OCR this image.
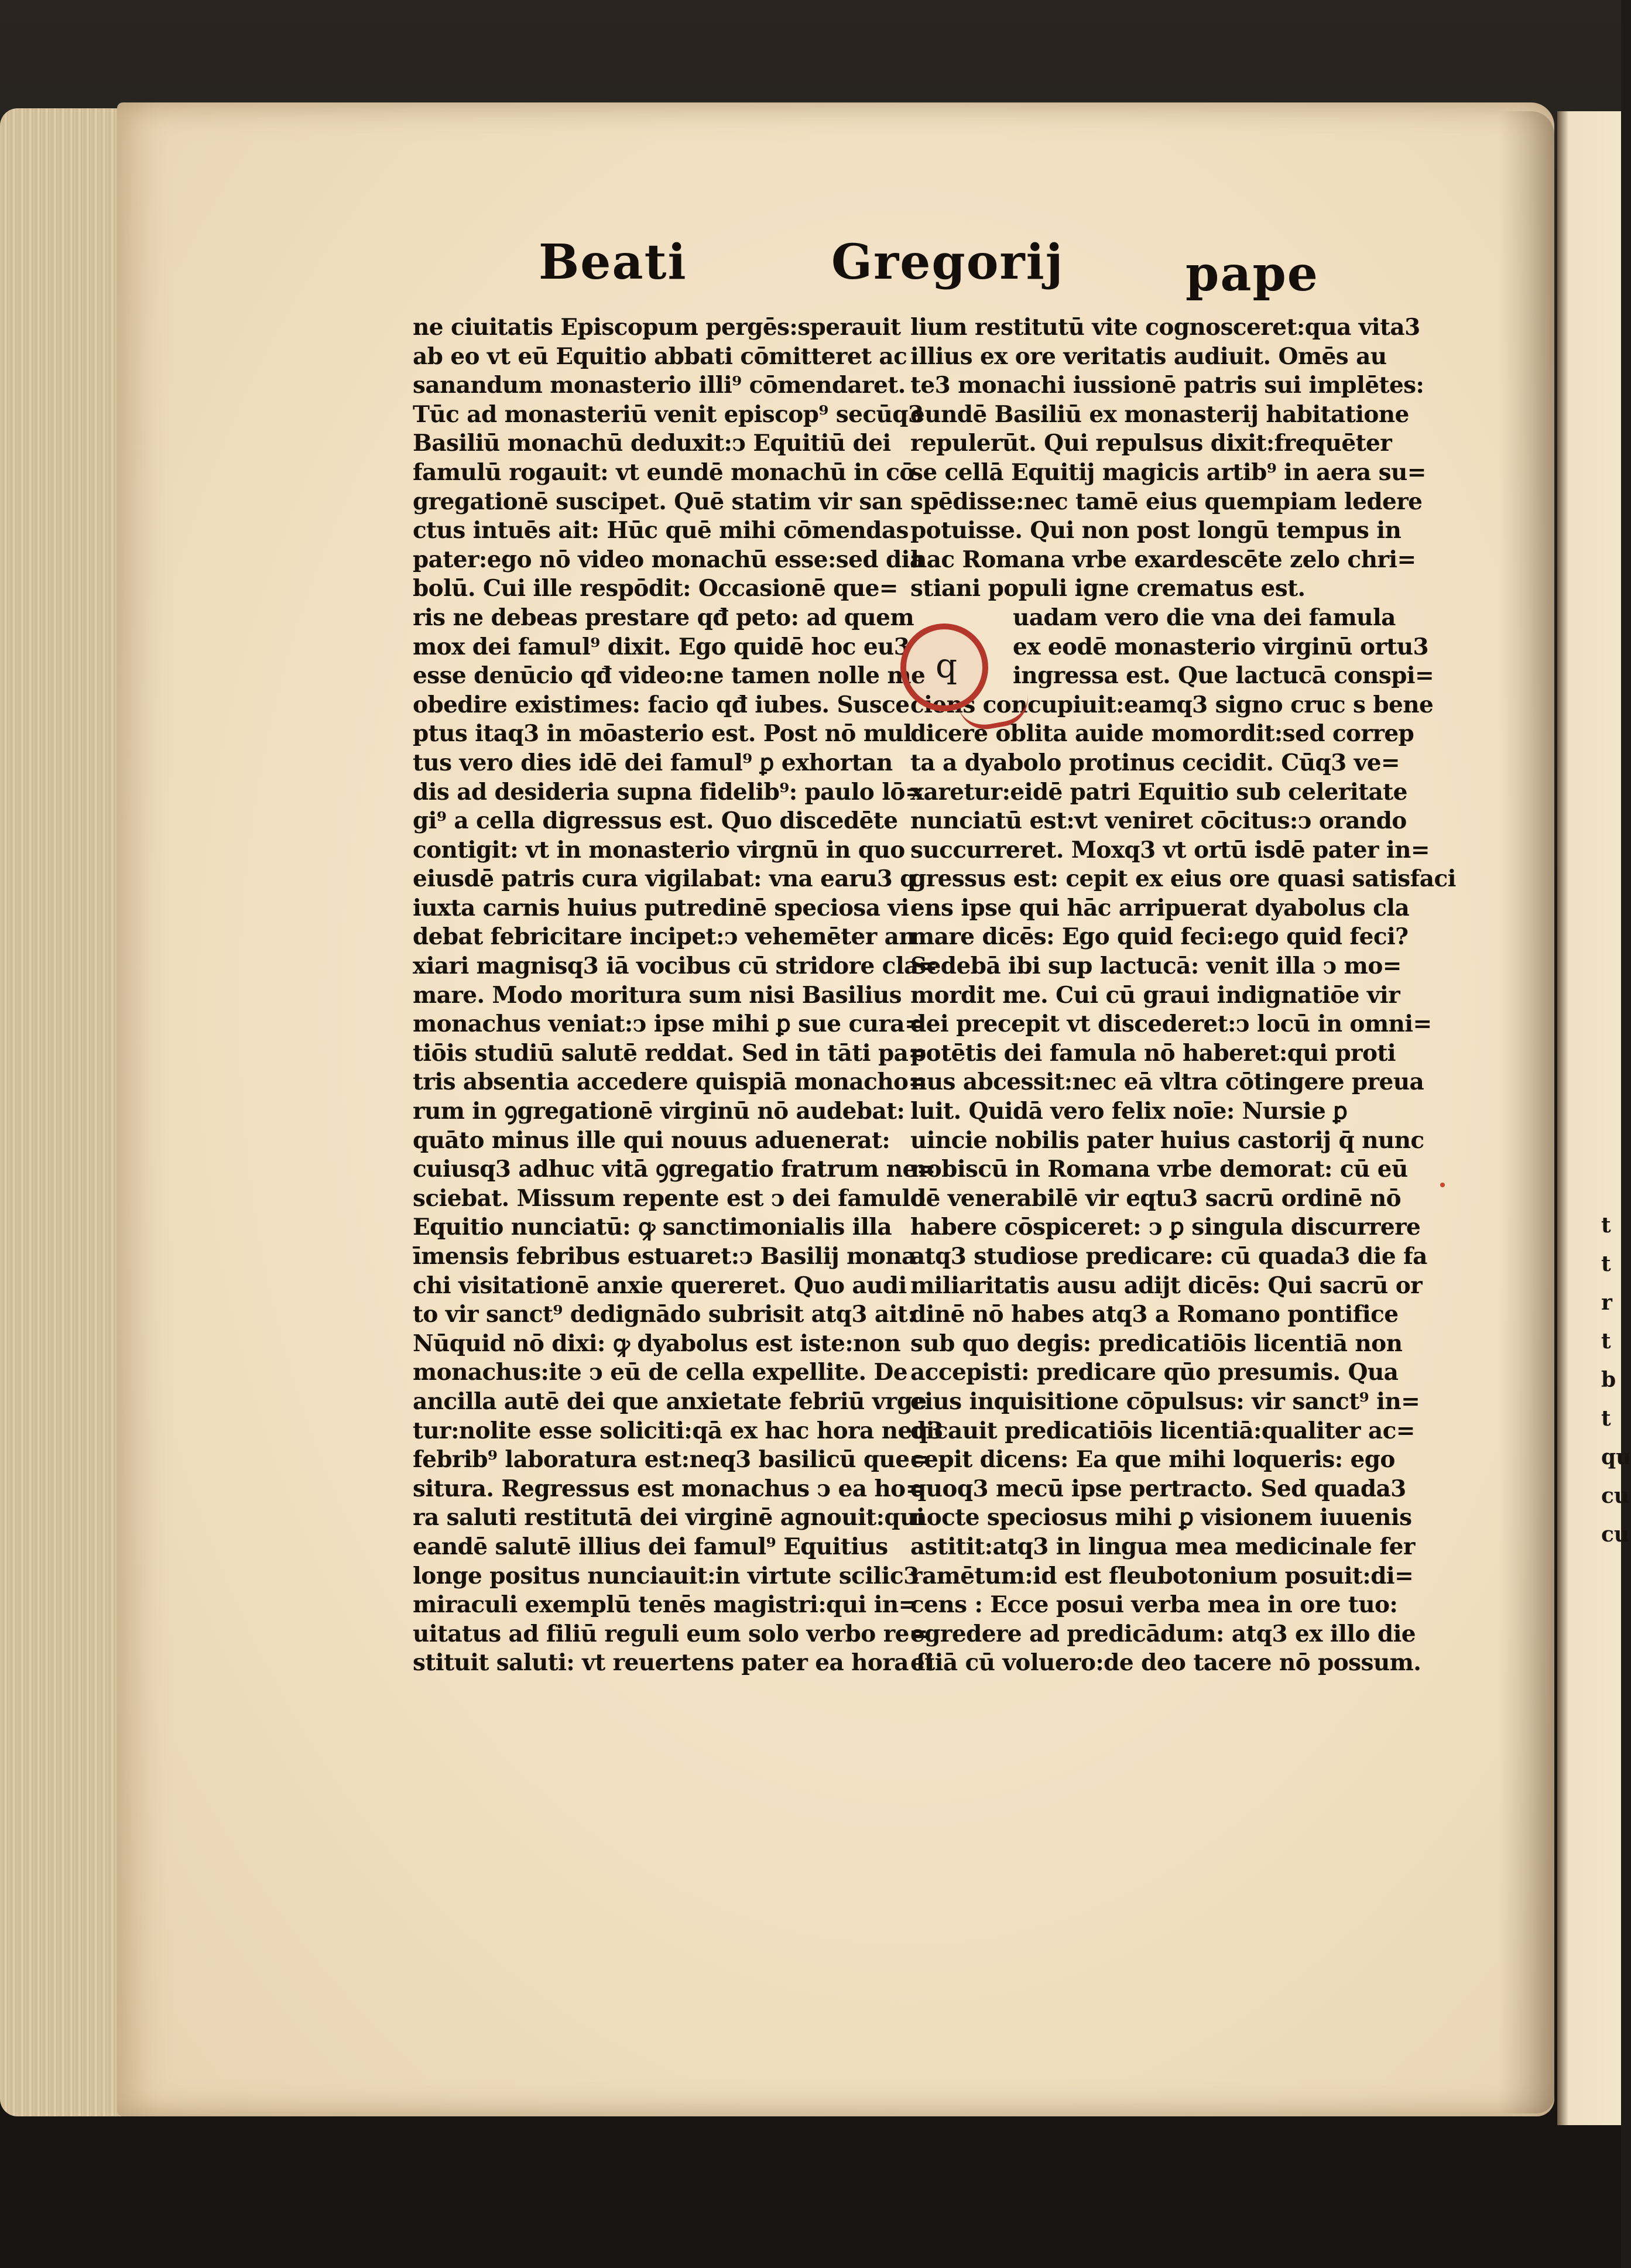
t
t
r
t
b
t
qu
cu
cu
Beati	Gregorij	pape
ne ciuitatis Episcopum pergēs:sperauit
ab eo vt eū Equitio abbati cōmitteret ac
sanandum monasterio illi⁹ cōmendaret.
Tūc ad monasteriū venit episcop⁹ secūq3
Basiliū monachū deduxit:ↄ Equitiū dei
famulū rogauit: vt eundē monachū in cō
gregationē suscipet. Quē statim vir san
ctus intuēs ait: Hūc quē mihi cōmendas
pater:ego nō video monachū esse:sed dia
bolū. Cui ille respōdit: Occasionē que=
ris ne debeas prestare qđ peto: ad quem
mox dei famul⁹ dixit. Ego quidē hoc eu3
esse denūcio qđ video:ne tamen nolle me
obedire existimes: facio qđ iubes. Susce
ptus itaq3 in mōasterio est. Post nō mul
tus vero dies idē dei famul⁹ ꝑ exhortan
dis ad desideria supna fidelib⁹: paulo lō=
gi⁹ a cella digressus est. Quo discedēte
contigit: vt in monasterio virgnū in quo
eiusdē patris cura vigilabat: vna earu3 q
iuxta carnis huius putredinē speciosa vi
debat febricitare incipet:ↄ vehemēter an
xiari magnisq3 iā vocibus cū stridore cla=
mare. Modo moritura sum nisi Basilius
monachus veniat:ↄ ipse mihi ꝑ sue cura=
tiōis studiū salutē reddat. Sed in tāti pa=
tris absentia accedere quispiā monacho=
rum in ꝯgregationē virginū nō audebat:
quāto minus ille qui nouus aduenerat:
cuiusq3 adhuc vitā ꝯgregatio fratrum ne=
sciebat. Missum repente est ↄ dei famulo
Equitio nunciatū: ꝙ sanctimonialis illa
īmensis febribus estuaret:ↄ Basilij mona
chi visitationē anxie quereret. Quo audi
to vir sanct⁹ dedignādo subrisit atq3 ait:
Nūquid nō dixi: ꝙ dyabolus est iste:non
monachus:ite ↄ eū de cella expellite. De
ancilla autē dei que anxietate febriū vrge
tur:nolite esse soliciti:qā ex hac hora neq3
febrib⁹ laboratura est:neq3 basilicū que=
situra. Regressus est monachus ↄ ea ho=
ra saluti restitutā dei virginē agnouit:qui
eandē salutē illius dei famul⁹ Equitius
longe positus nunciauit:in virtute scilic3
miraculi exemplū tenēs magistri:qui in=
uitatus ad filiū reguli eum solo verbo re=
stituit saluti: vt reuertens pater ea hora ſi
lium restitutū vite cognosceret:qua vita3
illius ex ore veritatis audiuit. Omēs au
te3 monachi iussionē patris sui implētes:
eundē Basiliū ex monasterij habitatione
repulerūt. Qui repulsus dixit:frequēter
se cellā Equitij magicis artib⁹ in aera su=
spēdisse:nec tamē eius quempiam ledere
potuisse. Qui non post longū tempus in
hac Romana vrbe exardescēte zelo chri=
stiani populi igne crematus est.
uadam vero die vna dei famula
ex eodē monasterio virginū ortu3
ingressa est. Que lactucā conspi=
ciens concupiuit:eamq3 signo cruc s bene
dicere oblita auide momordit:sed correp
ta a dyabolo protinus cecidit. Cūq3 ve=
xaretur:eidē patri Equitio sub celeritate
nunciatū est:vt veniret cōcitus:ↄ orando
succurreret. Moxq3 vt ortū isdē pater in=
gressus est: cepit ex eius ore quasi satisfaci
ens ipse qui hāc arripuerat dyabolus cla
mare dicēs: Ego quid feci:ego quid feci?
Sedebā ibi sup lactucā: venit illa ↄ mo=
mordit me. Cui cū graui indignatiōe vir
dei precepit vt discederet:ↄ locū in omni=
potētis dei famula nō haberet:qui proti
nus abcessit:nec eā vltra cōtingere preua
luit. Quidā vero felix noīe: Nursie ꝑ
uincie nobilis pater huius castorij q̄ nunc
nobiscū in Romana vrbe demorat: cū eū
dē venerabilē vir eqtu3 sacrū ordinē nō
habere cōspiceret: ↄ ꝑ singula discurrere
atq3 studiose predicare: cū quada3 die fa
miliaritatis ausu adijt dicēs: Qui sacrū or
dinē nō habes atq3 a Romano pontifice
sub quo degis: predicatiōis licentiā non
accepisti: predicare qūo presumis. Qua
eius inquisitione cōpulsus: vir sanct⁹ in=
dicauit predicatiōis licentiā:qualiter ac=
cepit dicens: Ea que mihi loqueris: ego
quoq3 mecū ipse pertracto. Sed quada3
nocte speciosus mihi ꝑ visionem iuuenis
astitit:atq3 in lingua mea medicinale fer
ramētum:id est fleubotonium posuit:di=
cens : Ecce posui verba mea in ore tuo:
egredere ad predicādum: atq3 ex illo die
etiā cū voluero:de deo tacere nō possum.
q
